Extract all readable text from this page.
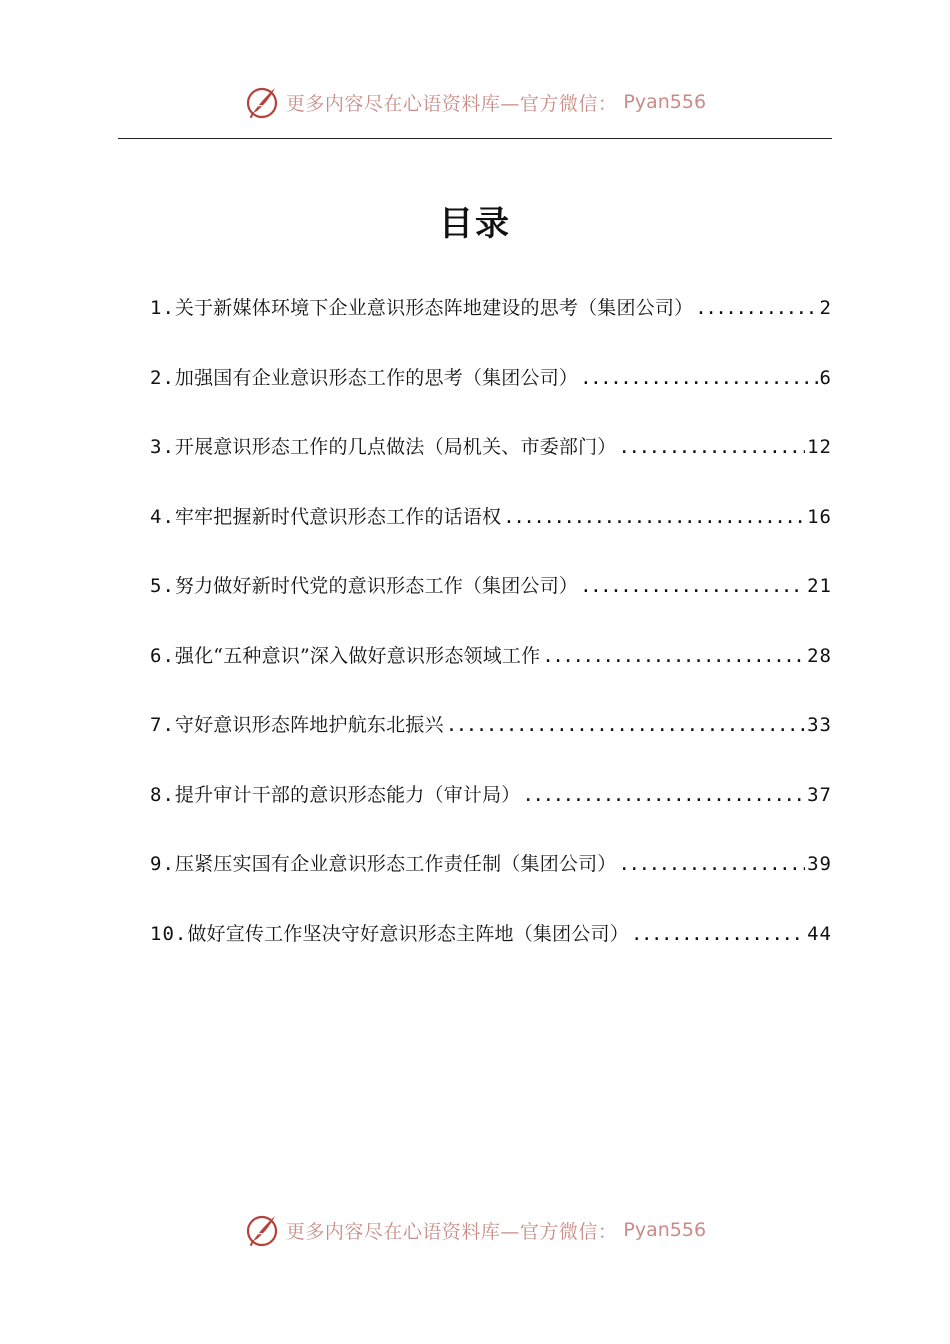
更多内容尽在心语资料库—官方微信： Pyan556
目录
1. 关于新媒体环境下企业意识形态阵地建设的思考（集团公司） .....	2
2. 加强国有企业意识形态工作的思考（集团公司） .....	6
3. 开展意识形态工作的几点做法（局机关、市委部门） .....	12
4. 牢牢把握新时代意识形态工作的话语权 .....	16
5. 努力做好新时代党的意识形态工作（集团公司） .....	21
6. 强化“五种意识”深入做好意识形态领域工作 .....	28
7. 守好意识形态阵地护航东北振兴 .....	33
8. 提升审计干部的意识形态能力（审计局） .....	37
9. 压紧压实国有企业意识形态工作责任制（集团公司） .....	39
10. 做好宣传工作坚决守好意识形态主阵地（集团公司） .....	44
更多内容尽在心语资料库—官方微信： Pyan556
